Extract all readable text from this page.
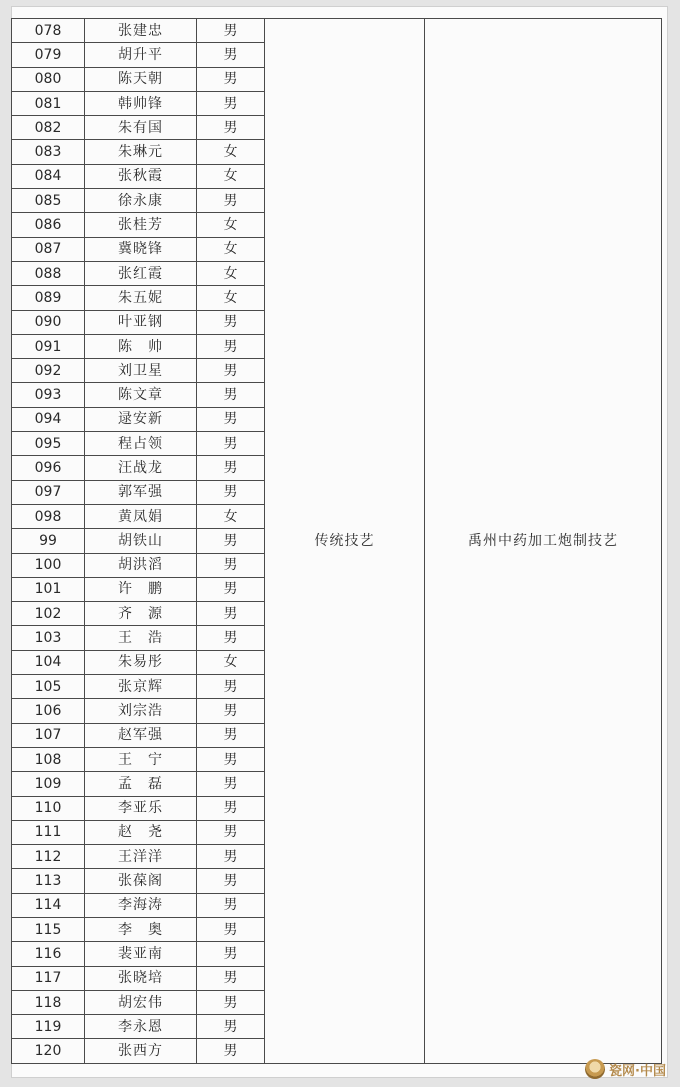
078	张建忠	男	传统技艺	禹州中药加工炮制技艺
079	胡升平	男		
080	陈天朝	男		
081	韩帅锋	男		
082	朱有国	男		
083	朱琳元	女		
084	张秋霞	女		
085	徐永康	男		
086	张桂芳	女		
087	冀晓锋	女		
088	张红霞	女		
089	朱五妮	女		
090	叶亚钢	男		
091	陈　帅	男		
092	刘卫星	男		
093	陈文章	男		
094	逯安新	男		
095	程占领	男		
096	汪战龙	男		
097	郭军强	男		
098	黄凤娟	女		
99	胡铁山	男		
100	胡洪滔	男		
101	许　鹏	男		
102	齐　源	男		
103	王　浩	男		
104	朱易彤	女		
105	张京辉	男		
106	刘宗浩	男		
107	赵军强	男		
108	王　宁	男		
109	孟　磊	男		
110	李亚乐	男		
111	赵　尧	男		
112	王洋洋	男		
113	张葆阁	男		
114	李海涛	男		
115	李　奥	男		
116	裴亚南	男		
117	张晓培	男		
118	胡宏伟	男		
119	李永恩	男		
120	张西方	男		
瓷网·中国
